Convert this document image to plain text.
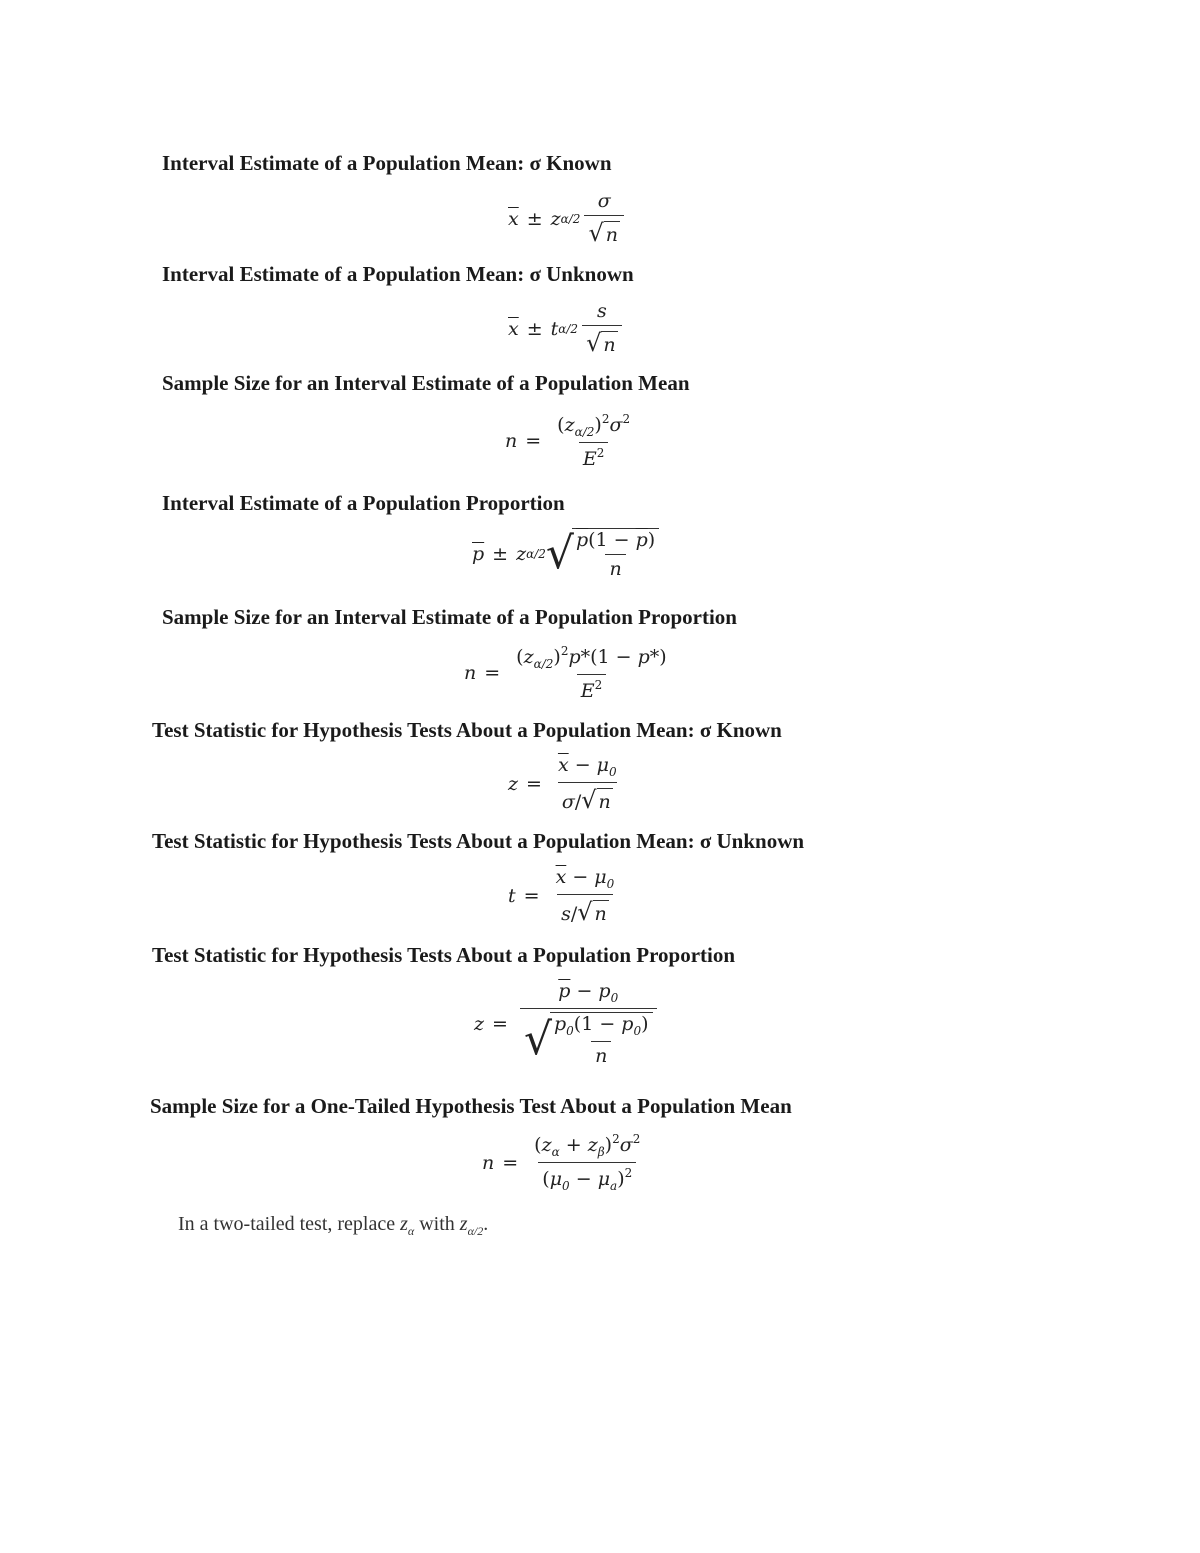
Interval Estimate of a Population Mean: σ Known
$\overline{x} \pm z$ $\alpha/2 \frac{\sigma}{√ n}$
Interval Estimate of a Population Mean: σ Unknown
$\overline{x} \pm t$ $\alpha/2 \frac{s}{√ n}$
Sample Size for an Interval Estimate of a Population Mean
$n = \frac{(z_{\alpha/2})^2\sigma^2}{E^2}$
Interval Estimate of a Population Proportion
$\overline{p} \pm z$ α/2 √
$\frac{p(1 - \overline{p})}{n}$
Sample Size for an Interval Estimate of a Population Proportion
$n = \frac{(z_{\alpha/2})^2p*(1 - p*)}{E^2}$
Test Statistic for Hypothesis Tests About a Population Mean: σ Known
$z = \frac{\overline{x} - \mu_0}{\sigma/√ n}$
Test Statistic for Hypothesis Tests About a Population Mean: σ Unknown
$t = \frac{\overline{x} - \mu_0}{s/√ n}$
Test Statistic for Hypothesis Tests About a Population Proportion
$z = \overline{p} - p_0$
√
$\frac{p_0(1 - p_0)}{n}$
Sample Size for a One-Tailed Hypothesis Test About a Population Mean
$n = \frac{(z_\alpha + z_\beta)^2\sigma^2}{(\mu_0 - \mu_a)^2}$
In a two-tailed test, replace $z_\alpha$ with $z_{\alpha/2}$.
